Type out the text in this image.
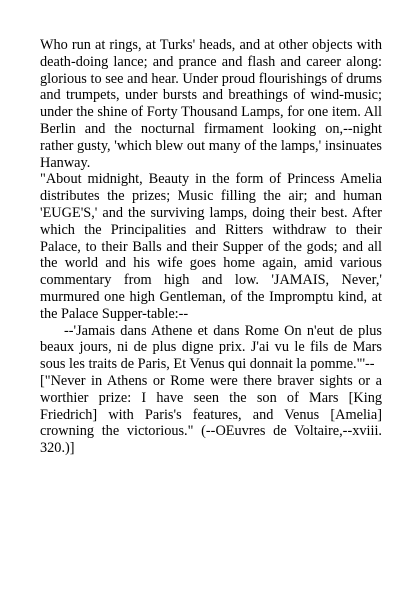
Who run at rings, at Turks' heads, and at other objects with death-doing lance; and prance and flash and career along: glorious to see and hear. Under proud flourishings of drums and trumpets, under bursts and breathings of wind-music; under the shine of Forty Thousand Lamps, for one item. All Berlin and the nocturnal firmament looking on,--night rather gusty, 'which blew out many of the lamps,' insinuates Hanway.

"About midnight, Beauty in the form of Princess Amelia distributes the prizes; Music filling the air; and human 'EUGE'S,' and the surviving lamps, doing their best. After which the Principalities and Ritters withdraw to their Palace, to their Balls and their Supper of the gods; and all the world and his wife goes home again, amid various commentary from high and low. 'JAMAIS, Never,' murmured one high Gentleman, of the Impromptu kind, at the Palace Supper-table:--

--'Jamais dans Athene et dans Rome On n'eut de plus beaux jours, ni de plus digne prix. J'ai vu le fils de Mars sous les traits de Paris, Et Venus qui donnait la pomme."'--

["Never in Athens or Rome were there braver sights or a worthier prize: I have seen the son of Mars [King Friedrich] with Paris's features, and Venus [Amelia] crowning the victorious." (--OEuvres de Voltaire,--xviii. 320.)]
